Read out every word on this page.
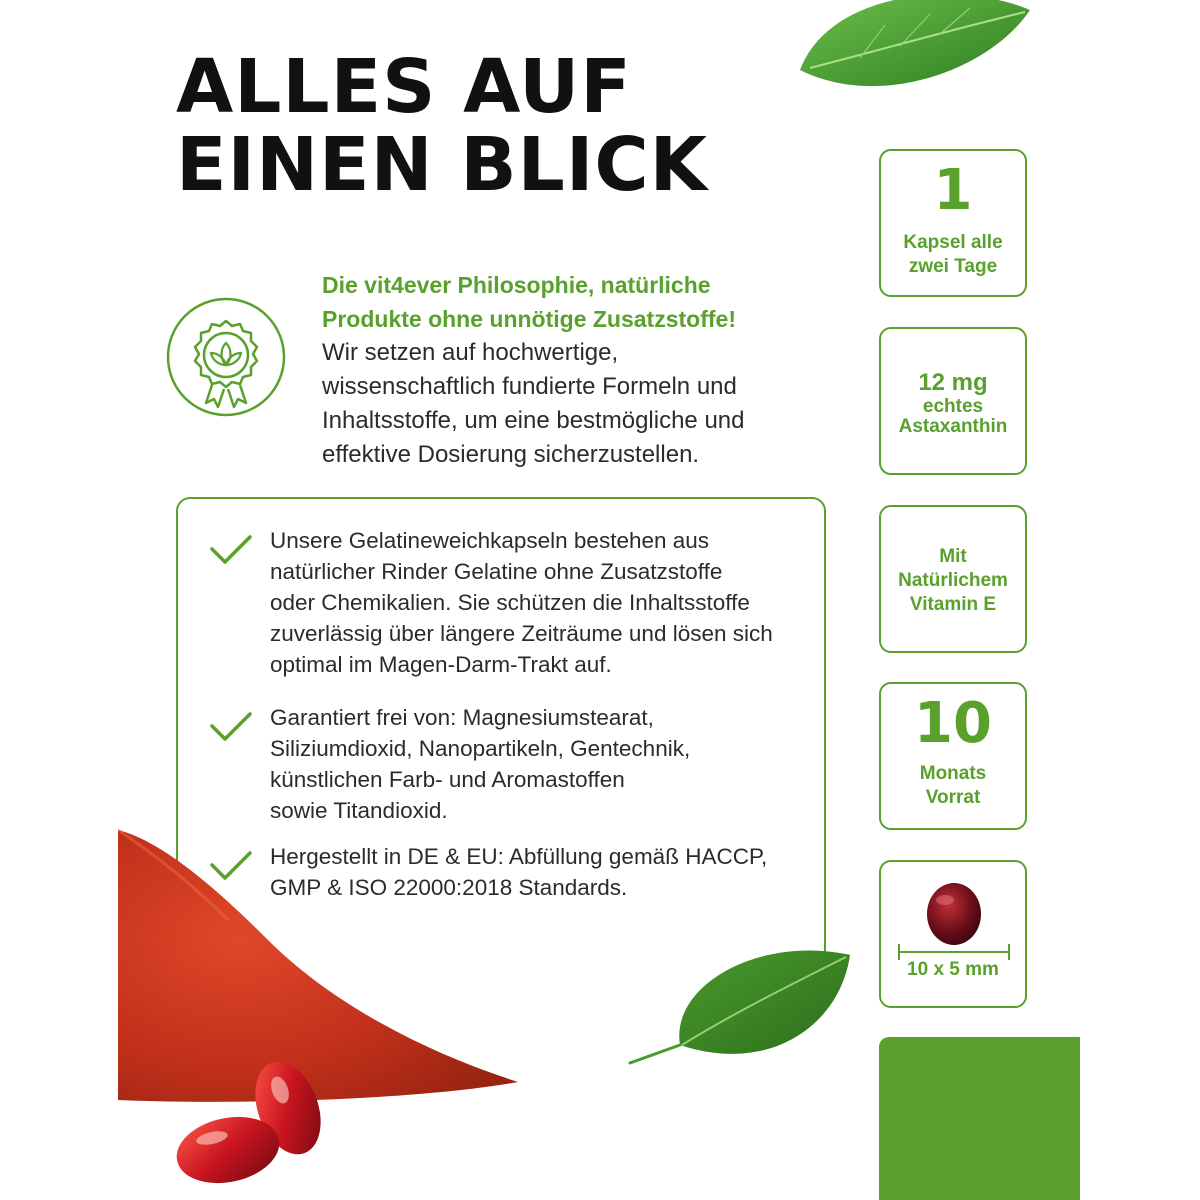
ALLES AUF
EINEN BLICK
Die vit4ever Philosophie, natürliche
Produkte ohne unnötige Zusatzstoffe!
Wir setzen auf hochwertige,
wissenschaftlich fundierte Formeln und
Inhaltsstoffe, um eine bestmögliche und
effektive Dosierung sicherzustellen.
Unsere Gelatineweichkapseln bestehen aus
natürlicher Rinder Gelatine ohne Zusatzstoffe
oder Chemikalien. Sie schützen die Inhaltsstoffe
zuverlässig über längere Zeiträume und lösen sich
optimal im Magen-Darm-Trakt auf.
Garantiert frei von: Magnesiumstearat,
Siliziumdioxid, Nanopartikeln, Gentechnik,
künstlichen Farb- und Aromastoffen
sowie Titandioxid.
Hergestellt in DE & EU: Abfüllung gemäß HACCP,
GMP & ISO 22000:2018 Standards.
1
Kapsel alle
zwei Tage
12 mg
echtes
Astaxanthin
Mit
Natürlichem
Vitamin E
10
Monats
Vorrat
10 x 5 mm
